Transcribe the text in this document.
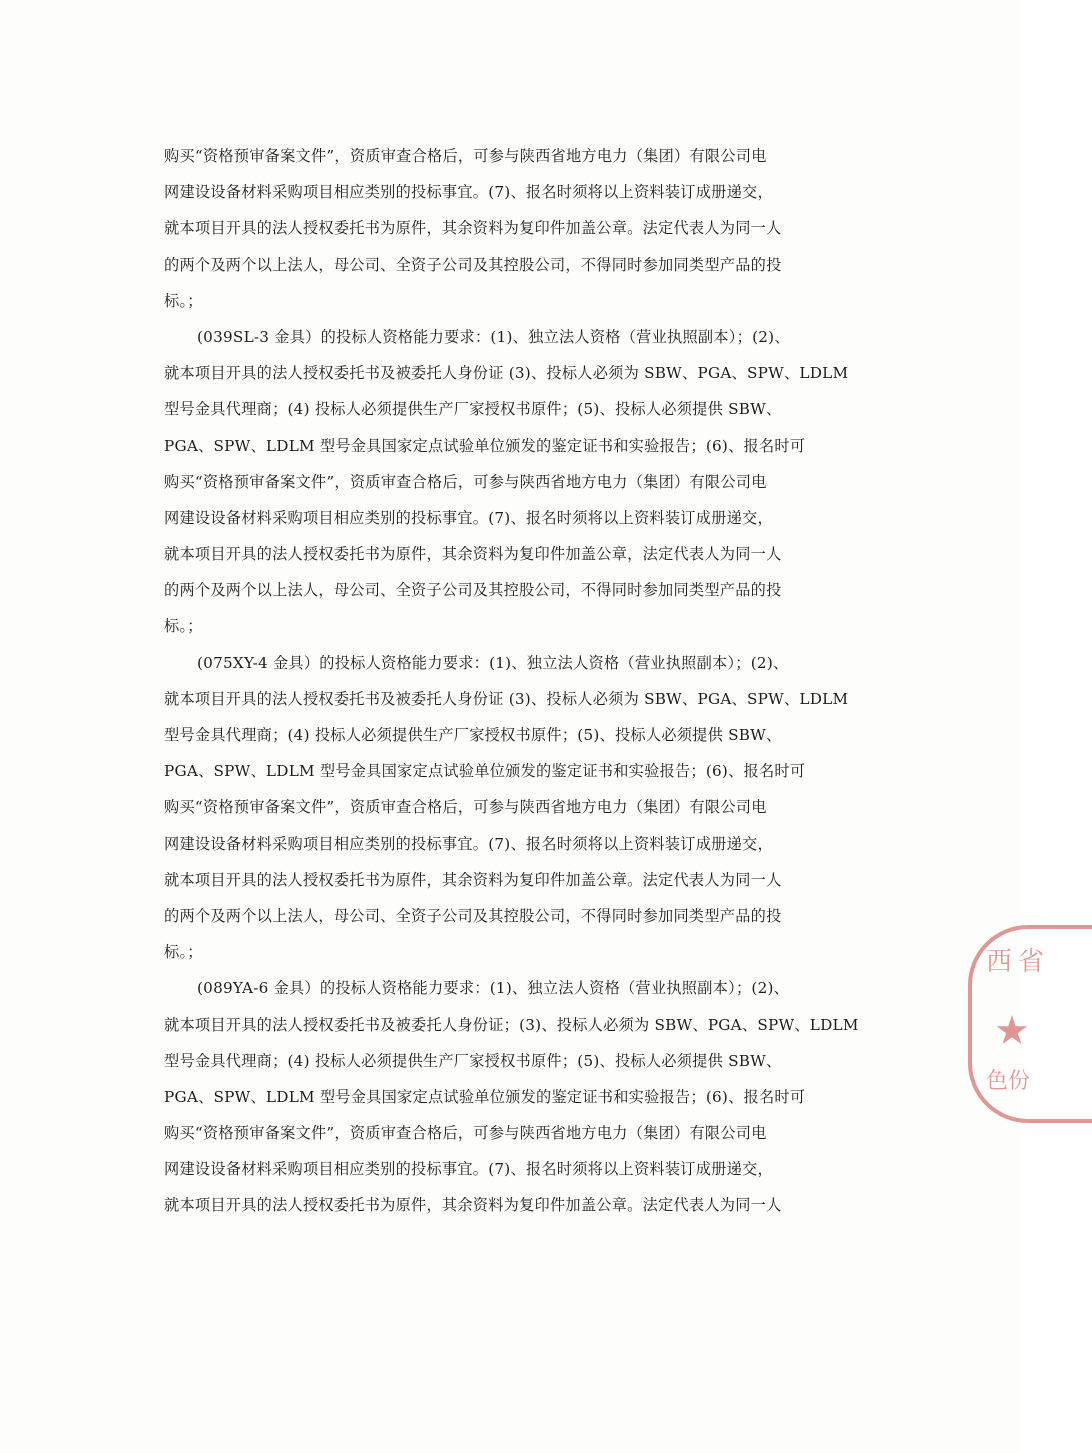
购买“资格预审备案文件”，资质审查合格后，可参与陕西省地方电力（集团）有限公司电
网建设设备材料采购项目相应类别的投标事宜。(7)、报名时须将以上资料装订成册递交，
就本项目开具的法人授权委托书为原件，其余资料为复印件加盖公章。法定代表人为同一人
的两个及两个以上法人，母公司、全资子公司及其控股公司，不得同时参加同类型产品的投
标。；
(039SL-3 金具）的投标人资格能力要求：(1)、独立法人资格（营业执照副本）；(2)、
就本项目开具的法人授权委托书及被委托人身份证 (3)、投标人必须为 SBW、PGA、SPW、LDLM
型号金具代理商；(4) 投标人必须提供生产厂家授权书原件；(5)、投标人必须提供 SBW、
PGA、SPW、LDLM 型号金具国家定点试验单位颁发的鉴定证书和实验报告；(6)、报名时可
购买“资格预审备案文件”，资质审查合格后，可参与陕西省地方电力（集团）有限公司电
网建设设备材料采购项目相应类别的投标事宜。(7)、报名时须将以上资料装订成册递交，
就本项目开具的法人授权委托书为原件，其余资料为复印件加盖公章，法定代表人为同一人
的两个及两个以上法人，母公司、全资子公司及其控股公司，不得同时参加同类型产品的投
标。；
(075XY-4 金具）的投标人资格能力要求：(1)、独立法人资格（营业执照副本）；(2)、
就本项目开具的法人授权委托书及被委托人身份证 (3)、投标人必须为 SBW、PGA、SPW、LDLM
型号金具代理商；(4) 投标人必须提供生产厂家授权书原件；(5)、投标人必须提供 SBW、
PGA、SPW、LDLM 型号金具国家定点试验单位颁发的鉴定证书和实验报告；(6)、报名时可
购买“资格预审备案文件”，资质审查合格后，可参与陕西省地方电力（集团）有限公司电
网建设设备材料采购项目相应类别的投标事宜。(7)、报名时须将以上资料装订成册递交，
就本项目开具的法人授权委托书为原件，其余资料为复印件加盖公章。法定代表人为同一人
的两个及两个以上法人，母公司、全资子公司及其控股公司，不得同时参加同类型产品的投
标。；
(089YA-6 金具）的投标人资格能力要求：(1)、独立法人资格（营业执照副本）；(2)、
就本项目开具的法人授权委托书及被委托人身份证；(3)、投标人必须为 SBW、PGA、SPW、LDLM
型号金具代理商；(4) 投标人必须提供生产厂家授权书原件；(5)、投标人必须提供 SBW、
PGA、SPW、LDLM 型号金具国家定点试验单位颁发的鉴定证书和实验报告；(6)、报名时可
购买“资格预审备案文件”，资质审查合格后，可参与陕西省地方电力（集团）有限公司电
网建设设备材料采购项目相应类别的投标事宜。(7)、报名时须将以上资料装订成册递交，
就本项目开具的法人授权委托书为原件，其余资料为复印件加盖公章。法定代表人为同一人
西省
★
色份
